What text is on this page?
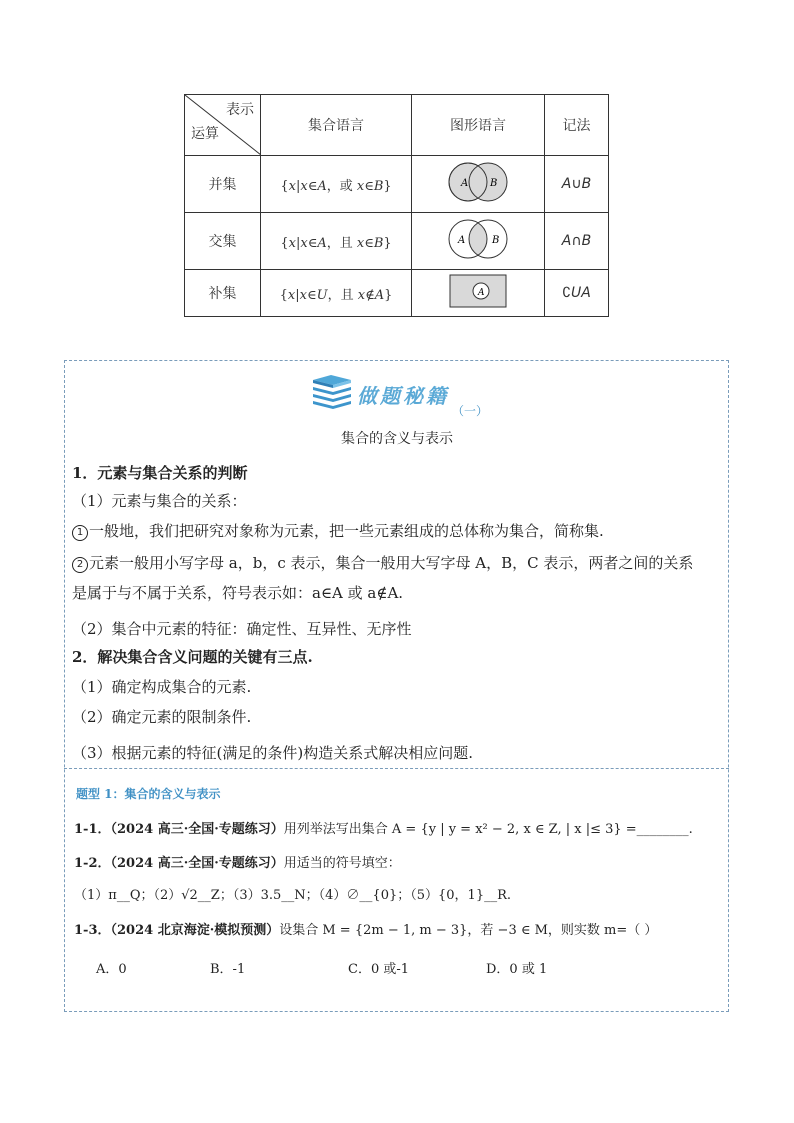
表示
运算	集合语言	图形语言	记法
并集	{x|x∈A，或 x∈B}	A B	A∪B
交集	{x|x∈A，且 x∈B}	A B	A∩B
补集	{x|x∈U，且 x∉A}	A	∁UA
做题秘籍
（一）
集合的含义与表示
1．元素与集合关系的判断
（1）元素与集合的关系：
1 一般地，我们把研究对象称为元素，把一些元素组成的总体称为集合，简称集.
2 元素一般用小写字母 a，b，c 表示，集合一般用大写字母 A，B，C 表示，两者之间的关系
是属于与不属于关系，符号表示如：a∈A 或 a∉A.
（2）集合中元素的特征：确定性、互异性、无序性
2．解决集合含义问题的关键有三点.
（1）确定构成集合的元素.
（2）确定元素的限制条件.
（3）根据元素的特征(满足的条件)构造关系式解决相应问题.
题型 1：集合的含义与表示
1-1．（2024 高三·全国·专题练习）用列举法写出集合 A = {y | y = x² − 2, x ∈ Z, | x |≤ 3} =________.
1-2．（2024 高三·全国·专题练习）用适当的符号填空：
（1）π__Q；（2）√2__Z；（3）3.5__N；（4）∅__{0}；（5）{0，1}__R.
1-3．（2024 北京海淀·模拟预测）设集合 M = {2m − 1, m − 3}，若 −3 ∈ M，则实数 m=（ ）
A．0	B．-1	C．0 或-1	D．0 或 1
